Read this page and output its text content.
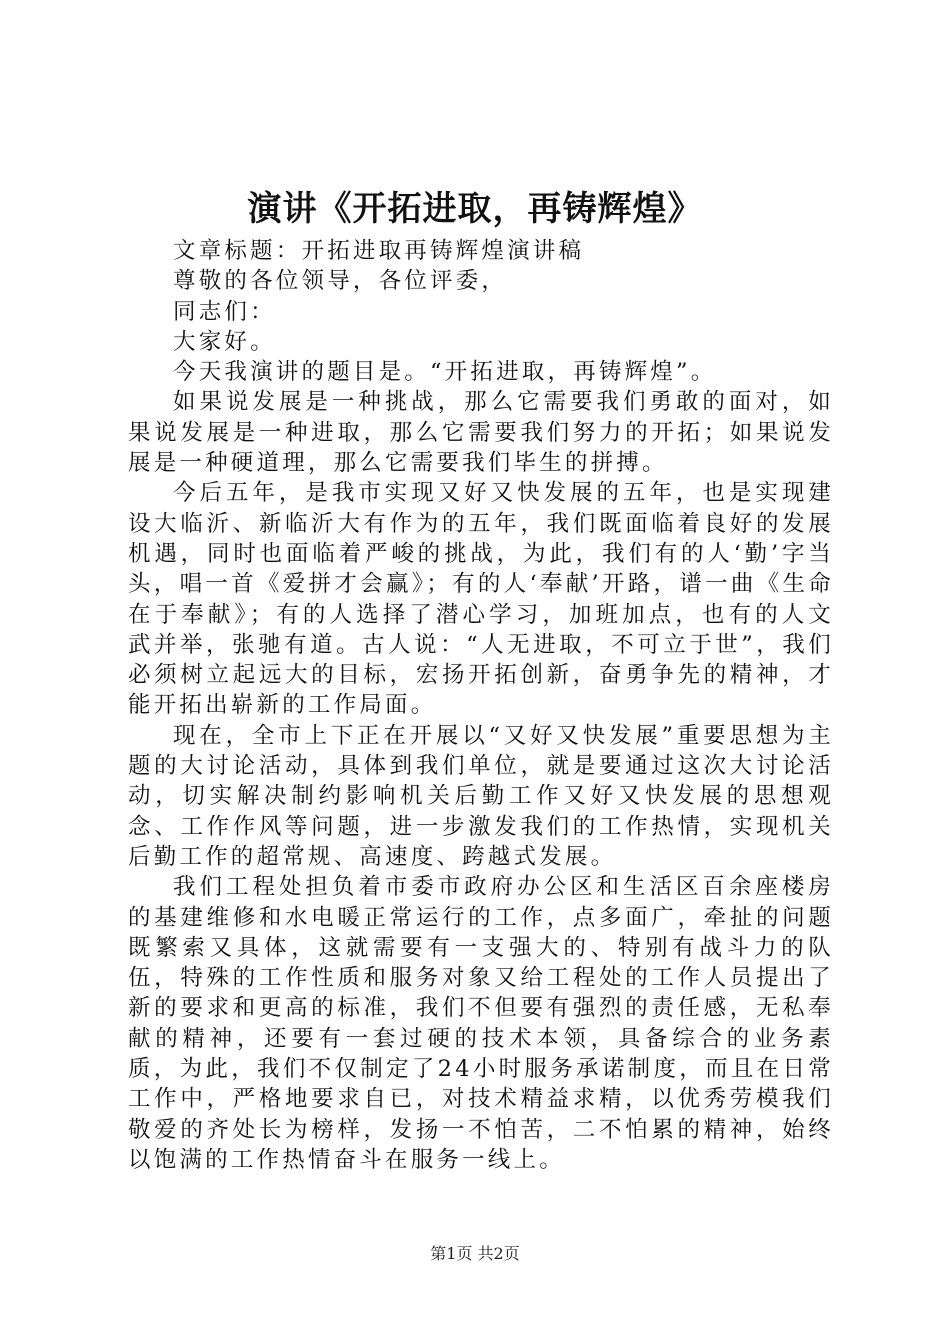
演讲《开拓进取，再铸辉煌》

文章标题：开拓进取再铸辉煌演讲稿

尊敬的各位领导，各位评委，

同志们：

大家好。

今天我演讲的题目是。“开拓进取，再铸辉煌”。

如果说发展是一种挑战，那么它需要我们勇敢的面对，如果说发展是一种进取，那么它需要我们努力的开拓；如果说发展是一种硬道理，那么它需要我们毕生的拼搏。

今后五年，是我市实现又好又快发展的五年，也是实现建设大临沂、新临沂大有作为的五年，我们既面临着良好的发展机遇，同时也面临着严峻的挑战，为此，我们有的人‘勤’字当头，唱一首《爱拼才会赢》；有的人‘奉献’开路，谱一曲《生命在于奉献》；有的人选择了潜心学习，加班加点，也有的人文武并举，张驰有道。古人说：“人无进取，不可立于世”，我们必须树立起远大的目标，宏扬开拓创新，奋勇争先的精神，才能开拓出崭新的工作局面。

现在，全市上下正在开展以“又好又快发展”重要思想为主题的大讨论活动，具体到我们单位，就是要通过这次大讨论活动，切实解决制约影响机关后勤工作又好又快发展的思想观念、工作作风等问题，进一步激发我们的工作热情，实现机关后勤工作的超常规、高速度、跨越式发展。

我们工程处担负着市委市政府办公区和生活区百余座楼房的基建维修和水电暖正常运行的工作，点多面广，牵扯的问题既繁索又具体，这就需要有一支强大的、特别有战斗力的队伍，特殊的工作性质和服务对象又给工程处的工作人员提出了新的要求和更高的标准，我们不但要有强烈的责任感，无私奉献的精神，还要有一套过硬的技术本领，具备综合的业务素质，为此，我们不仅制定了24小时服务承诺制度，而且在日常工作中，严格地要求自已，对技术精益求精，以优秀劳模我们敬爱的齐处长为榜样，发扬一不怕苦，二不怕累的精神，始终以饱满的工作热情奋斗在服务一线上。

第1页 共2页
